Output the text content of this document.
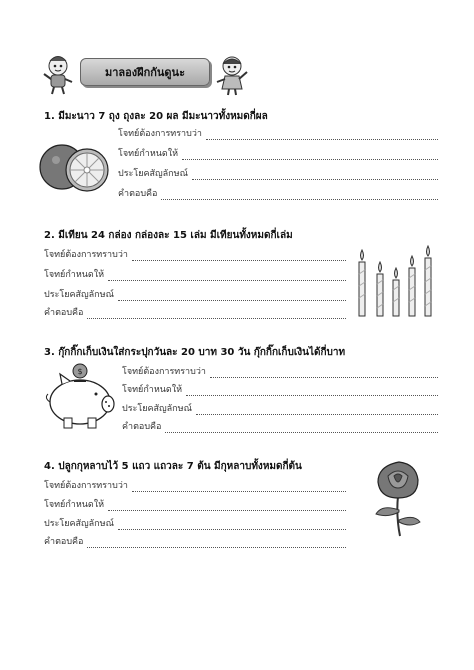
มาลองฝึกกันดูนะ
1. มีมะนาว 7 ถุง ถุงละ 20 ผล มีมะนาวทั้งหมดกี่ผล
โจทย์ต้องการทราบว่า
โจทย์กำหนดให้
ประโยคสัญลักษณ์
คำตอบคือ
2. มีเทียน 24 กล่อง กล่องละ 15 เล่ม มีเทียนทั้งหมดกี่เล่ม
โจทย์ต้องการทราบว่า
โจทย์กำหนดให้
ประโยคสัญลักษณ์
คำตอบคือ
3. กุ๊กกิ๊กเก็บเงินใส่กระปุกวันละ 20 บาท 30 วัน กุ๊กกิ๊กเก็บเงินได้กี่บาท
$	โจทย์ต้องการทราบว่า
โจทย์กำหนดให้
ประโยคสัญลักษณ์
คำตอบคือ
4. ปลูกกุหลาบไว้ 5 แถว แถวละ 7 ต้น มีกุหลาบทั้งหมดกี่ต้น
โจทย์ต้องการทราบว่า
โจทย์กำหนดให้
ประโยคสัญลักษณ์
คำตอบคือ
